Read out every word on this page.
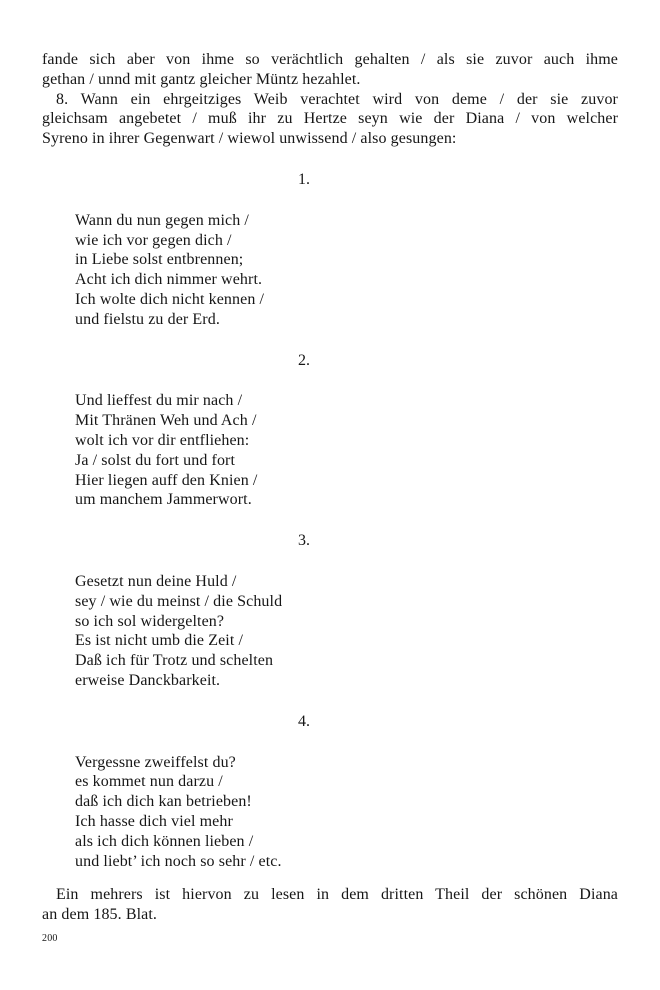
fande sich aber von ihme so verächtlich gehalten / als sie zuvor auch ihme

gethan / unnd mit gantz gleicher Müntz hezahlet.

8. Wann ein ehrgeitziges Weib verachtet wird von deme / der sie zuvor

gleichsam angebetet / muß ihr zu Hertze seyn wie der Diana / von welcher

Syreno in ihrer Gegenwart / wiewol unwissend / also gesungen:

1.

Wann du nun gegen mich /

wie ich vor gegen dich /

in Liebe solst entbrennen;

Acht ich dich nimmer wehrt.

Ich wolte dich nicht kennen /

und fielstu zu der Erd.

2.

Und lieffest du mir nach /

Mit Thränen Weh und Ach /

wolt ich vor dir entfliehen:

Ja / solst du fort und fort

Hier liegen auff den Knien /

um manchem Jammerwort.

3.

Gesetzt nun deine Huld /

sey / wie du meinst / die Schuld

so ich sol widergelten?

Es ist nicht umb die Zeit /

Daß ich für Trotz und schelten

erweise Danckbarkeit.

4.

Vergessne zweiffelst du?

es kommet nun darzu /

daß ich dich kan betrieben!

Ich hasse dich viel mehr

als ich dich können lieben /

und liebt’ ich noch so sehr / etc.

Ein mehrers ist hiervon zu lesen in dem dritten Theil der schönen Diana

an dem 185. Blat.

200
